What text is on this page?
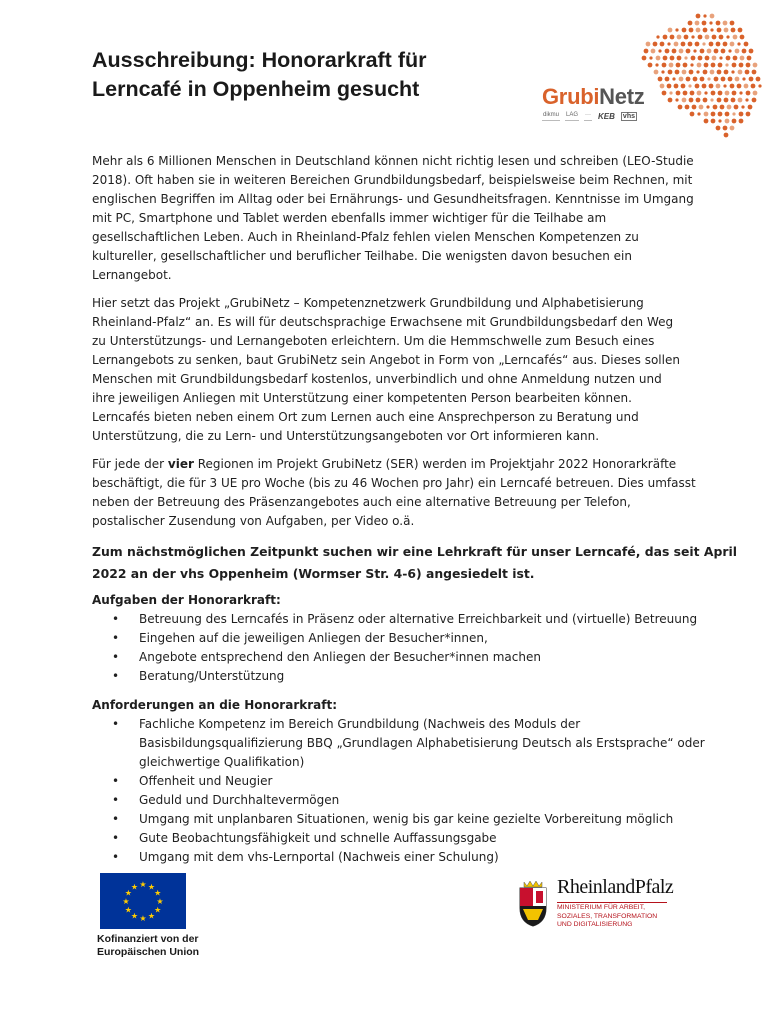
Ausschreibung: Honorarkraft für
Lerncafé in Oppenheim gesucht	GrubiNetz
dikmu LAG ··· KEB vhs
Mehr als 6 Millionen Menschen in Deutschland können nicht richtig lesen und schreiben (LEO-Studie
2018). Oft haben sie in weiteren Bereichen Grundbildungsbedarf, beispielsweise beim Rechnen, mit
englischen Begriffen im Alltag oder bei Ernährungs- und Gesundheitsfragen. Kenntnisse im Umgang
mit PC, Smartphone und Tablet werden ebenfalls immer wichtiger für die Teilhabe am
gesellschaftlichen Leben. Auch in Rheinland-Pfalz fehlen vielen Menschen Kompetenzen zu
kultureller, gesellschaftlicher und beruflicher Teilhabe. Die wenigsten davon besuchen ein
Lernangebot.
Hier setzt das Projekt „GrubiNetz – Kompetenznetzwerk Grundbildung und Alphabetisierung
Rheinland-Pfalz“ an. Es will für deutschsprachige Erwachsene mit Grundbildungsbedarf den Weg
zu Unterstützungs- und Lernangeboten erleichtern. Um die Hemmschwelle zum Besuch eines
Lernangebots zu senken, baut GrubiNetz sein Angebot in Form von „Lerncafés“ aus. Dieses sollen
Menschen mit Grundbildungsbedarf kostenlos, unverbindlich und ohne Anmeldung nutzen und
ihre jeweiligen Anliegen mit Unterstützung einer kompetenten Person bearbeiten können.
Lerncafés bieten neben einem Ort zum Lernen auch eine Ansprechperson zu Beratung und
Unterstützung, die zu Lern- und Unterstützungsangeboten vor Ort informieren kann.
Für jede der vier Regionen im Projekt GrubiNetz (SER) werden im Projektjahr 2022 Honorarkräfte
beschäftigt, die für 3 UE pro Woche (bis zu 46 Wochen pro Jahr) ein Lerncafé betreuen. Dies umfasst
neben der Betreuung des Präsenzangebotes auch eine alternative Betreuung per Telefon,
postalischer Zusendung von Aufgaben, per Video o.ä.
Zum nächstmöglichen Zeitpunkt suchen wir eine Lehrkraft für unser Lerncafé, das seit April
2022 an der vhs Oppenheim (Wormser Str. 4-6) angesiedelt ist.
Aufgaben der Honorarkraft:
• Betreuung des Lerncafés in Präsenz oder alternative Erreichbarkeit und (virtuelle) Betreuung
• Eingehen auf die jeweiligen Anliegen der Besucher*innen,
• Angebote entsprechend den Anliegen der Besucher*innen machen
• Beratung/Unterstützung
Anforderungen an die Honorarkraft:
• Fachliche Kompetenz im Bereich Grundbildung (Nachweis des Moduls der
Basisbildungsqualifizierung BBQ „Grundlagen Alphabetisierung Deutsch als Erstsprache“ oder
gleichwertige Qualifikation)
• Offenheit und Neugier
• Geduld und Durchhaltevermögen
• Umgang mit unplanbaren Situationen, wenig bis gar keine gezielte Vorbereitung möglich
• Gute Beobachtungsfähigkeit und schnelle Auffassungsgabe
• Umgang mit dem vhs-Lernportal (Nachweis einer Schulung)
★ ★
★
★
★
★
★
★
★
★
★
★
Kofinanziert von der
Europäischen Union
RheinlandPfalz
MINISTERIUM FÜR ARBEIT,
SOZIALES, TRANSFORMATION
UND DIGITALISIERUNG
